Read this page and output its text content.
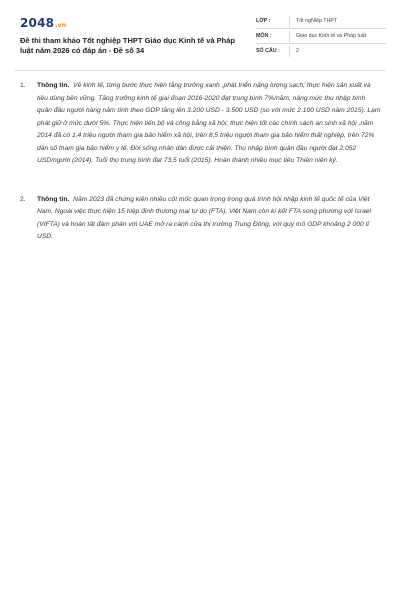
2048 .vn
Đề thi tham khảo Tốt nghiệp THPT Giáo dục Kinh tế và Pháp luật năm 2026 có đáp án - Đề số 34
LỚP :	Tốt ngNiệp THPT
MÔN :	Giáo dục Kinh tế và Pháp luật
SỐ CÂU :	2
1.	Thông tin. Về kinh tế, từng bước thực hiện tăng trưởng xanh ,phát triển năng lượng sạch; thực hiện sản xuất và tiêu dùng bền vững. Tăng trưởng kinh tế giai đoạn 2016-2020 đạt trung bình 7%/năm, nâng mức thu nhập bình quân đầu người hàng năm tính theo GDP tăng lên 3.200 USD - 3.500 USD (so với mức 2.100 USD năm 2015). Lạm phát giữ ở mức dưới 5%. Thực hiện tiến bộ và công bằng xã hội; thực hiện tốt các chính sách an sinh xã hội ,năm 2014 đã có 1,4 triệu người tham gia bảo hiểm xã hội, trên 8,5 triệu người tham gia bảo hiểm thất nghiệp, trên 72% dân số tham gia bảo hiểm y tế. Đời sống nhân dân được cải thiện. Thu nhập bình quân đầu người đạt 2.052 USD/người (2014). Tuổi thọ trung bình đạt 73,5 tuổi (2015). Hoàn thành nhiều mục tiêu Thiên niên kỷ.
2.	Thông tin. Năm 2023 đã chứng kiến nhiều cột mốc quan trọng trong quá trình hội nhập kinh tế quốc tế của Việt Nam. Ngoài việc thực hiện 15 hiệp định thương mại tự do (FTA), Việt Nam còn kí kết FTA song phương với Israel (VIFTA) và hoàn tất đàm phán với UAE mở ra cánh cửa thị trường Trung Đông, với quy mô GDP khoảng 2 000 tỉ USD.
